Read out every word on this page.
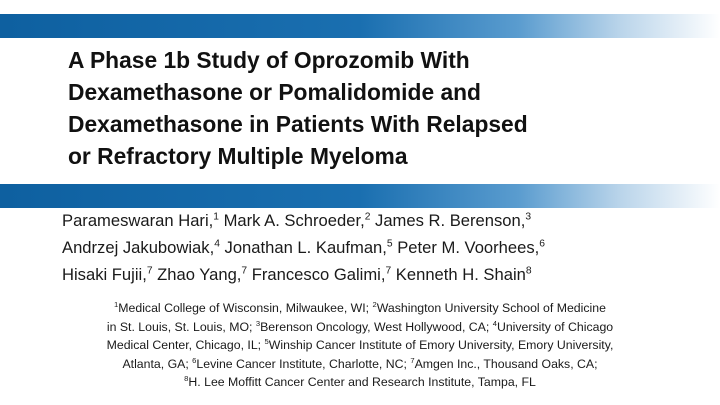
A Phase 1b Study of Oprozomib With
Dexamethasone or Pomalidomide and
Dexamethasone in Patients With Relapsed
or Refractory Multiple Myeloma
Parameswaran Hari,$^1$ Mark A. Schroeder,$^2$ James R. Berenson,$^3$
Andrzej Jakubowiak,$^4$ Jonathan L. Kaufman,$^5$ Peter M. Voorhees,$^6$
Hisaki Fujii,$^7$ Zhao Yang,$^7$ Francesco Galimi,$^7$ Kenneth H. Shain$^8$
$^1$Medical College of Wisconsin, Milwaukee, WI; $^2$Washington University School of Medicine
in St. Louis, St. Louis, MO; $^3$Berenson Oncology, West Hollywood, CA; $^4$University of Chicago
Medical Center, Chicago, IL; $^5$Winship Cancer Institute of Emory University, Emory University,
Atlanta, GA; $^6$Levine Cancer Institute, Charlotte, NC; $^7$Amgen Inc., Thousand Oaks, CA;
$^8$H. Lee Moffitt Cancer Center and Research Institute, Tampa, FL
